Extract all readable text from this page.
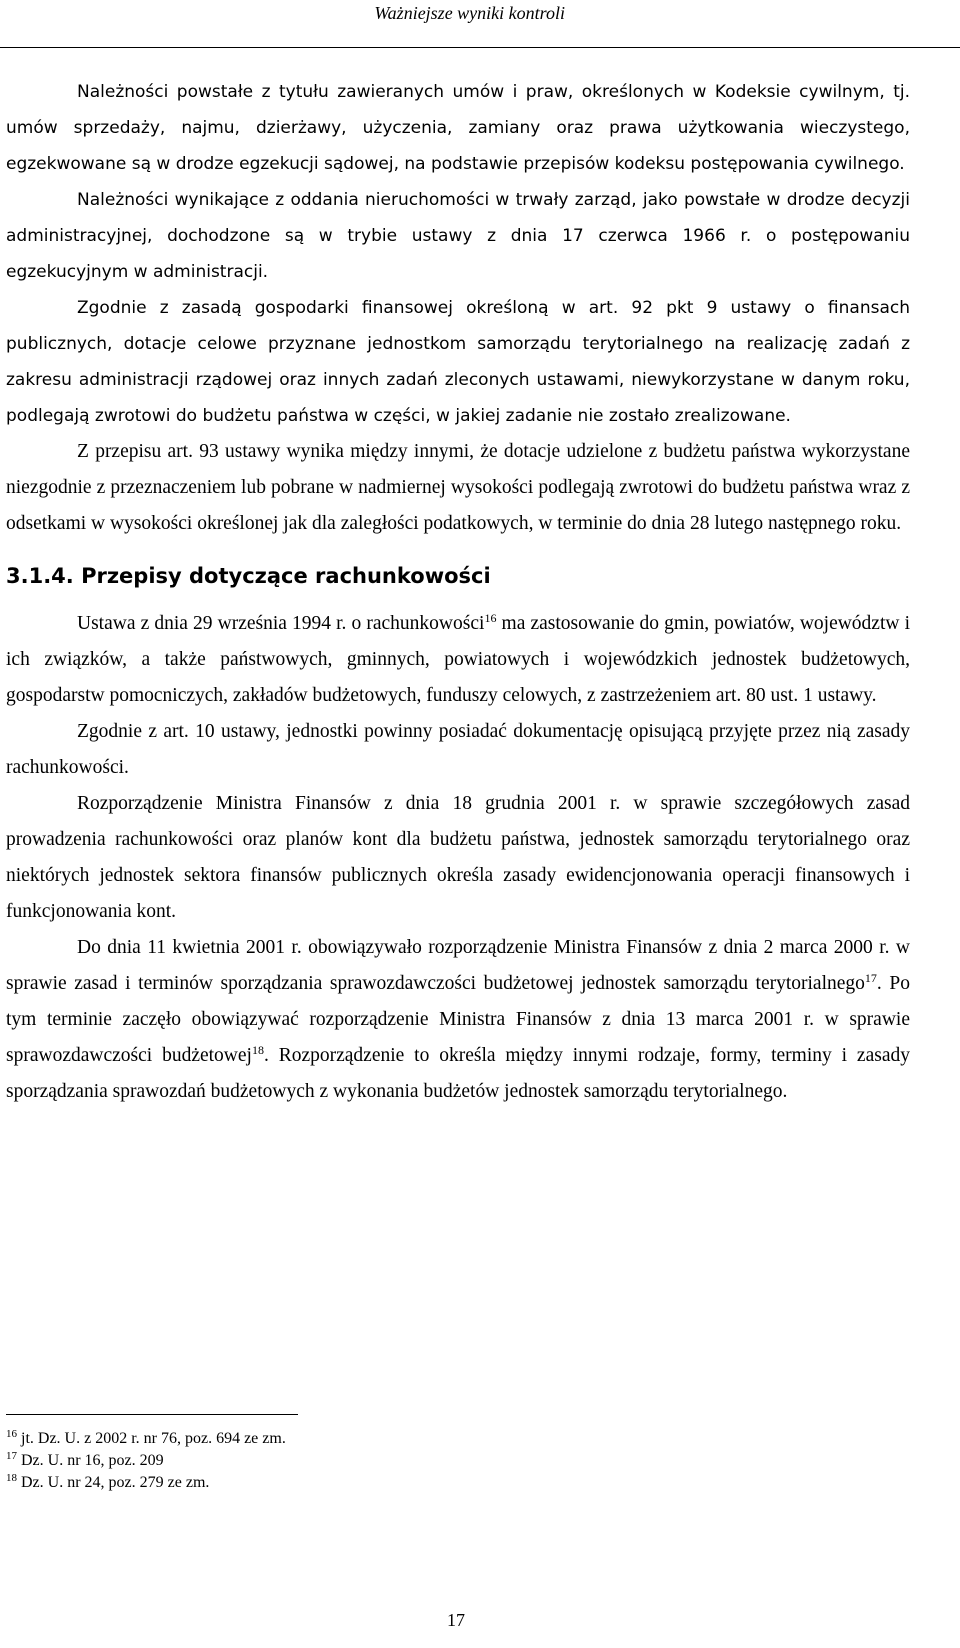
Ważniejsze wyniki kontroli

Należności powstałe z tytułu zawieranych umów i praw, określonych w Kodeksie cywilnym, tj. umów sprzedaży, najmu, dzierżawy, użyczenia, zamiany oraz prawa użytkowania wieczystego, egzekwowane są w drodze egzekucji sądowej, na podstawie przepisów kodeksu postępowania cywilnego.

Należności wynikające z oddania nieruchomości w trwały zarząd, jako powstałe w drodze decyzji administracyjnej, dochodzone są w trybie ustawy z dnia 17 czerwca 1966 r. o postępowaniu egzekucyjnym w administracji.

Zgodnie z zasadą gospodarki finansowej określoną w art. 92 pkt 9 ustawy o finansach publicznych, dotacje celowe przyznane jednostkom samorządu terytorialnego na realizację zadań z zakresu administracji rządowej oraz innych zadań zleconych ustawami, niewykorzystane w danym roku, podlegają zwrotowi do budżetu państwa w części, w jakiej zadanie nie zostało zrealizowane.

Z przepisu art. 93 ustawy wynika między innymi, że dotacje udzielone z budżetu państwa wykorzystane niezgodnie z przeznaczeniem lub pobrane w nadmiernej wysokości podlegają zwrotowi do budżetu państwa wraz z odsetkami w wysokości określonej jak dla zaległości podatkowych, w terminie do dnia 28 lutego następnego roku.

3.1.4. Przepisy dotyczące rachunkowości

Ustawa z dnia 29 września 1994 r. o rachunkowości$^{16}$ ma zastosowanie do gmin, powiatów, województw i ich związków, a także państwowych, gminnych, powiatowych i wojewódzkich jednostek budżetowych, gospodarstw pomocniczych, zakładów budżetowych, funduszy celowych, z zastrzeżeniem art. 80 ust. 1 ustawy.

Zgodnie z art. 10 ustawy, jednostki powinny posiadać dokumentację opisującą przyjęte przez nią zasady rachunkowości.

Rozporządzenie Ministra Finansów z dnia 18 grudnia 2001 r. w sprawie szczegółowych zasad prowadzenia rachunkowości oraz planów kont dla budżetu państwa, jednostek samorządu terytorialnego oraz niektórych jednostek sektora finansów publicznych określa zasady ewidencjonowania operacji finansowych i funkcjonowania kont.

Do dnia 11 kwietnia 2001 r. obowiązywało rozporządzenie Ministra Finansów z dnia 2 marca 2000 r. w sprawie zasad i terminów sporządzania sprawozdawczości budżetowej jednostek samorządu terytorialnego$^{17}$. Po tym terminie zaczęło obowiązywać rozporządzenie Ministra Finansów z dnia 13 marca 2001 r. w sprawie sprawozdawczości budżetowej$^{18}$. Rozporządzenie to określa między innymi rodzaje, formy, terminy i zasady sporządzania sprawozdań budżetowych z wykonania budżetów jednostek samorządu terytorialnego.

$^{16}$ jt. Dz. U. z 2002 r. nr 76, poz. 694 ze zm.
$^{17}$ Dz. U. nr 16, poz. 209
$^{18}$ Dz. U. nr 24, poz. 279 ze zm.
17
